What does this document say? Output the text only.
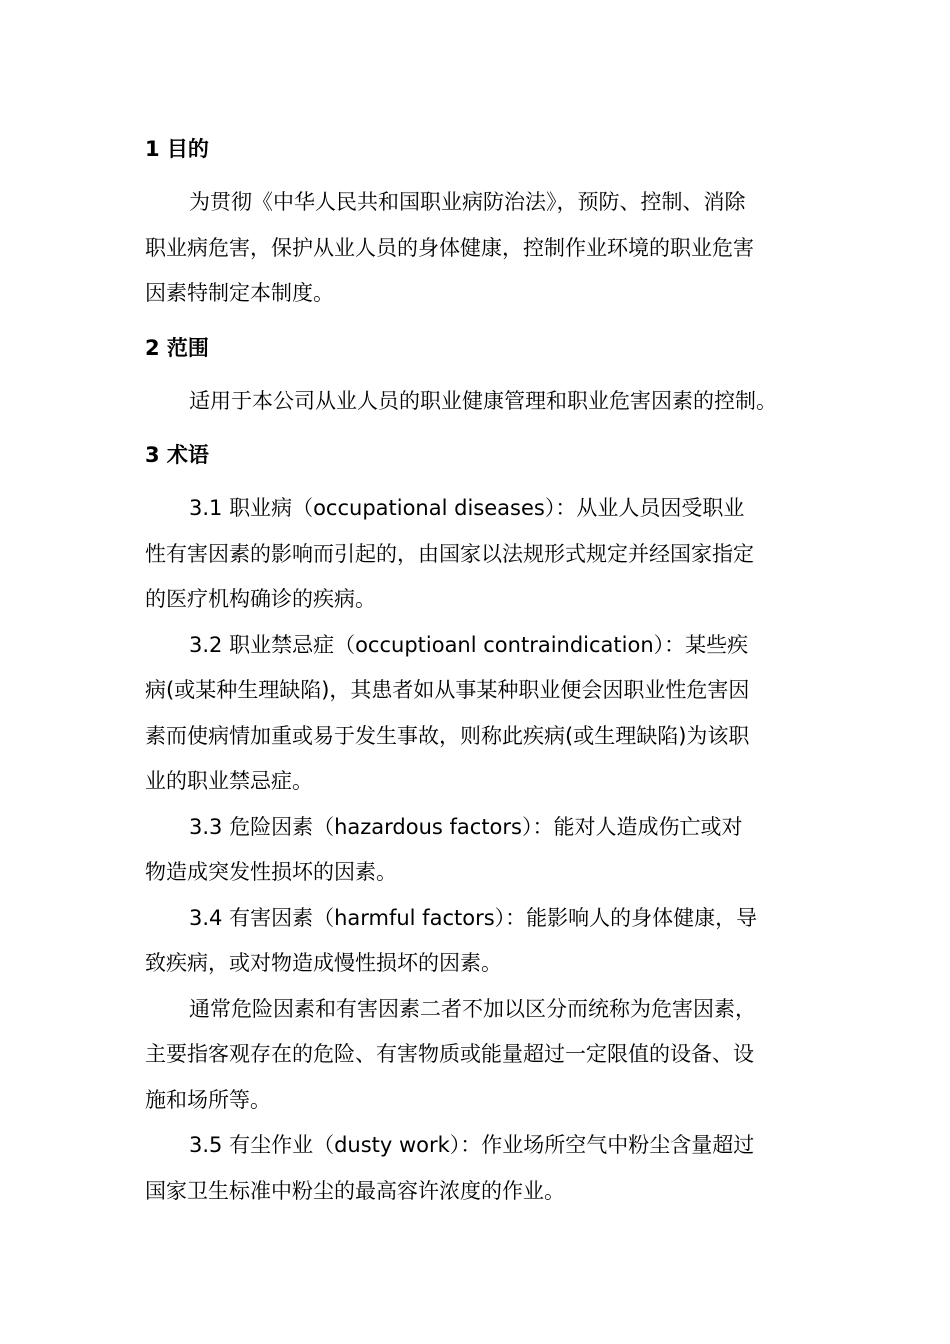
1 目的
为贯彻《中华人民共和国职业病防治法》，预防、控制、消除
职业病危害，保护从业人员的身体健康，控制作业环境的职业危害
因素特制定本制度。
2 范围
适用于本公司从业人员的职业健康管理和职业危害因素的控制。
3 术语
3.1 职业病（occupational diseases）：从业人员因受职业
性有害因素的影响而引起的，由国家以法规形式规定并经国家指定
的医疗机构确诊的疾病。
3.2 职业禁忌症（occuptioanl contraindication）：某些疾
病(或某种生理缺陷)，其患者如从事某种职业便会因职业性危害因
素而使病情加重或易于发生事故，则称此疾病(或生理缺陷)为该职
业的职业禁忌症。
3.3 危险因素（hazardous factors）：能对人造成伤亡或对
物造成突发性损坏的因素。
3.4 有害因素（harmful factors）：能影响人的身体健康，导
致疾病，或对物造成慢性损坏的因素。
通常危险因素和有害因素二者不加以区分而统称为危害因素，
主要指客观存在的危险、有害物质或能量超过一定限值的设备、设
施和场所等。
3.5 有尘作业（dusty work）：作业场所空气中粉尘含量超过
国家卫生标准中粉尘的最高容许浓度的作业。
